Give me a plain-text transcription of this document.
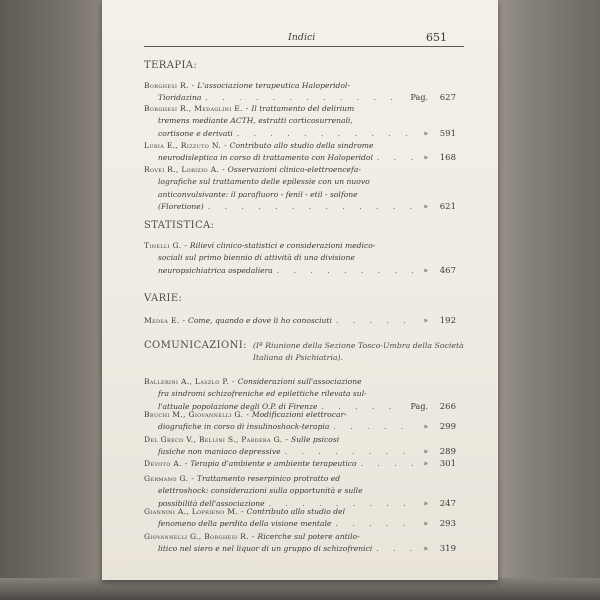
Indici	651
TERAPIA:
Borghesi R. - L'associazione terapeutica Haloperidol-
Tioridazina . . .	Pag.	627
Borghesi R., Medaglini E. - Il trattamento del delirium
tremens mediante ACTH, estratti corticosurrenali,
cortisone e derivati . . .	»	591
Luria E., Rizzuto N. - Contributo allo studio della sindrome
neurodisleptica in corso di trattamento con Haloperidol . . .	»	168
Rovei R., Lorizio A. - Osservazioni clinico-elettroencefa-
lografiche sul trattamento delle epilessie con un nuovo
anticonvulsivante: il parafluoro - fenil - etil - solfone
(Floretione) . . .	»	621
STATISTICA:
Tinelli G. - Rilievi clinico-statistici e considerazioni medico-
sociali sul primo biennio di attività di una divisione
neuropsichiatrica ospedaliera . . .	»	467
VARIE:
Medea E. - Come, quando e dove li ho conosciuti . . .	»	192
COMUNICAZIONI: (Iª Riunione della Sezione Tosco-Umbra della Società Italiana di Psichiatria).
Ballerini A., Laszlo P. - Considerazioni sull'associazione
fra sindromi schizofreniche ed epilettiche rilevata sul-
l'attuale popolazione degli O.P. di Firenze . . .	Pag.	266
Bruchi M., Giovannelli G. - Modificazioni elettrocar-
diografiche in corso di insulinoshock-terapia . . .	»	299
Del Greco V., Bellini S., Pardera G. - Sulle psicosi
fasiche non maniaco depressive . . .	»	289
Devoto A. - Terapia d'ambiente e ambiente terapeutico . . .	»	301
Germano G. - Trattamento reserpinico protratto ed
elettroshock: considerazioni sulla opportunità e sulle
possibilità dell'associazione . . .	»	247
Giannini A., Loprieno M. - Contributo allo studio del
fenomeno della perdita della visione mentale . . .	»	293
Giovannelli G., Borghesi R. - Ricerche sul potere antilo-
litico nel siero e nel liquor di un gruppo di schizofrenici . . .	»	319
